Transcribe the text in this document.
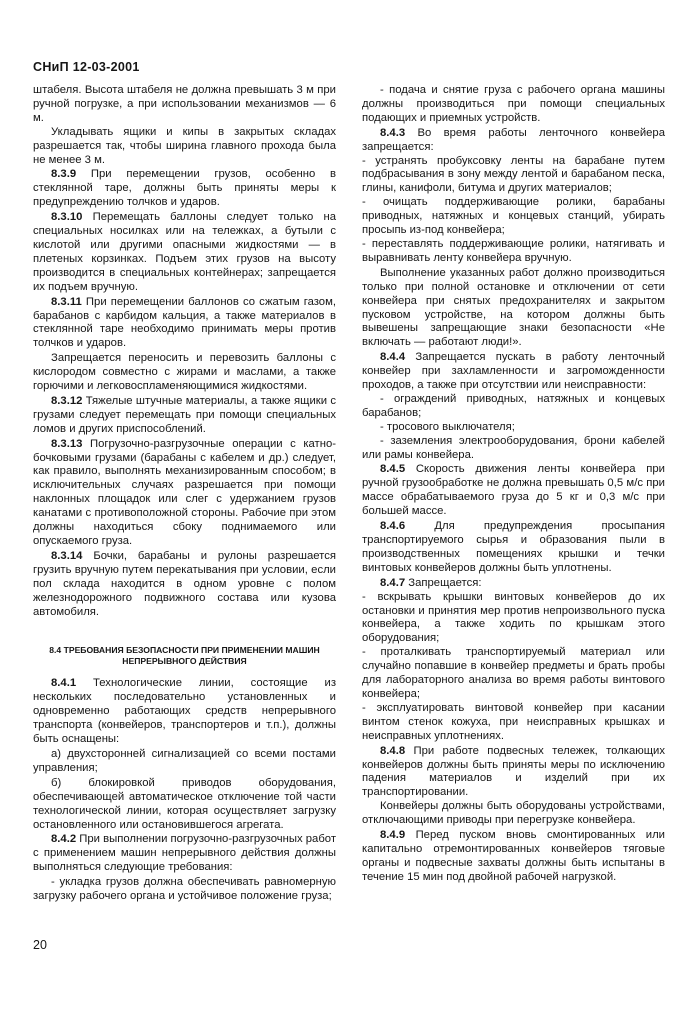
СНиП 12-03-2001

штабеля. Высота штабеля не должна превышать 3 м при ручной погрузке, а при использовании механизмов — 6 м.

Укладывать ящики и кипы в закрытых складах разрешается так, чтобы ширина главного прохода была не менее 3 м.

8.3.9 При перемещении грузов, особенно в стеклянной таре, должны быть приняты меры к предупреждению толчков и ударов.

8.3.10 Перемещать баллоны следует только на специальных носилках или на тележках, а бутыли с кислотой или другими опасными жидкостями — в плетеных корзинках. Подъем этих грузов на высоту производится в специальных контейнерах; запрещается их подъем вручную.

8.3.11 При перемещении баллонов со сжатым газом, барабанов с карбидом кальция, а также материалов в стеклянной таре необходимо принимать меры против толчков и ударов.

Запрещается переносить и перевозить баллоны с кислородом совместно с жирами и маслами, а также горючими и легковоспламеняющимися жидкостями.

8.3.12 Тяжелые штучные материалы, а также ящики с грузами следует перемещать при помощи специальных ломов и других приспособлений.

8.3.13 Погрузочно-разгрузочные операции с катно-бочковыми грузами (барабаны с кабелем и др.) следует, как правило, выполнять механизированным способом; в исключительных случаях разрешается при помощи наклонных площадок или слег с удержанием грузов канатами с противоположной стороны. Рабочие при этом должны находиться сбоку поднимаемого или опускаемого груза.

8.3.14 Бочки, барабаны и рулоны разрешается грузить вручную путем перекатывания при условии, если пол склада находится в одном уровне с полом железнодорожного подвижного состава или кузова автомобиля.

8.4 ТРЕБОВАНИЯ БЕЗОПАСНОСТИ ПРИ ПРИМЕНЕНИИ МАШИН НЕПРЕРЫВНОГО ДЕЙСТВИЯ

8.4.1 Технологические линии, состоящие из нескольких последовательно установленных и одновременно работающих средств непрерывного транспорта (конвейеров, транспортеров и т.п.), должны быть оснащены:

а) двухсторонней сигнализацией со всеми постами управления;

б) блокировкой приводов оборудования, обеспечивающей автоматическое отключение той части технологической линии, которая осуществляет загрузку остановленного или остановившегося агрегата.

8.4.2 При выполнении погрузочно-разгрузочных работ с применением машин непрерывного действия должны выполняться следующие требования:

- укладка грузов должна обеспечивать равномерную загрузку рабочего органа и устойчивое положение груза;

- подача и снятие груза с рабочего органа машины должны производиться при помощи специальных подающих и приемных устройств.

8.4.3 Во время работы ленточного конвейера запрещается:

- устранять пробуксовку ленты на барабане путем подбрасывания в зону между лентой и барабаном песка, глины, канифоли, битума и других материалов;

- очищать поддерживающие ролики, барабаны приводных, натяжных и концевых станций, убирать просыпь из-под конвейера;

- переставлять поддерживающие ролики, натягивать и выравнивать ленту конвейера вручную.

Выполнение указанных работ должно производиться только при полной остановке и отключении от сети конвейера при снятых предохранителях и закрытом пусковом устройстве, на котором должны быть вывешены запрещающие знаки безопасности «Не включать — работают люди!».

8.4.4 Запрещается пускать в работу ленточный конвейер при захламленности и загроможденности проходов, а также при отсутствии или неисправности:

- ограждений приводных, натяжных и концевых барабанов;

- тросового выключателя;

- заземления электрооборудования, брони кабелей или рамы конвейера.

8.4.5 Скорость движения ленты конвейера при ручной грузообработке не должна превышать 0,5 м/с при массе обрабатываемого груза до 5 кг и 0,3 м/с при большей массе.

8.4.6 Для предупреждения просыпания транспортируемого сырья и образования пыли в производственных помещениях крышки и течки винтовых конвейеров должны быть уплотнены.

8.4.7 Запрещается:

- вскрывать крышки винтовых конвейеров до их остановки и принятия мер против непроизвольного пуска конвейера, а также ходить по крышкам этого оборудования;

- проталкивать транспортируемый материал или случайно попавшие в конвейер предметы и брать пробы для лабораторного анализа во время работы винтового конвейера;

- эксплуатировать винтовой конвейер при касании винтом стенок кожуха, при неисправных крышках и неисправных уплотнениях.

8.4.8 При работе подвесных тележек, толкающих конвейеров должны быть приняты меры по исключению падения материалов и изделий при их транспортировании.

Конвейеры должны быть оборудованы устройствами, отключающими приводы при перегрузке конвейера.

8.4.9 Перед пуском вновь смонтированных или капитально отремонтированных конвейеров тяговые органы и подвесные захваты должны быть испытаны в течение 15 мин под двойной рабочей нагрузкой.

20
